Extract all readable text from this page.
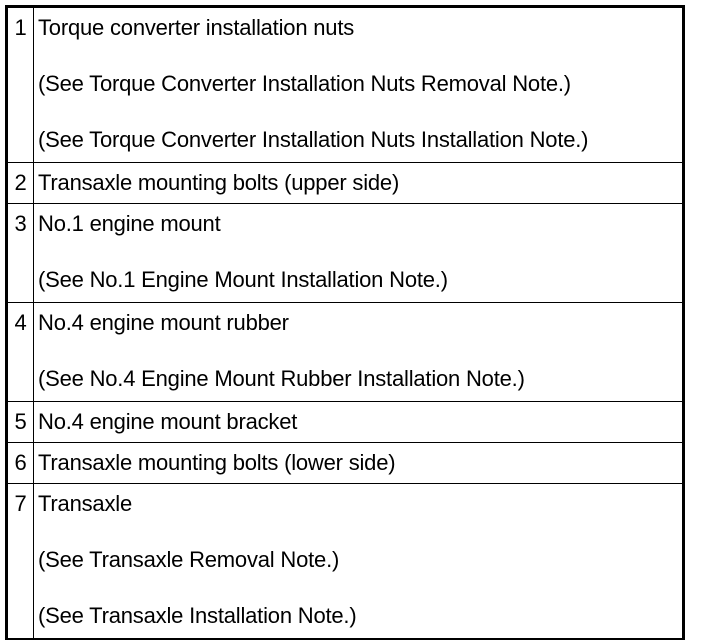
1	Torque converter installation nuts
(See Torque Converter Installation Nuts Removal Note.)
(See Torque Converter Installation Nuts Installation Note.)

2	Transaxle mounting bolts (upper side)

3	No.1 engine mount
(See No.1 Engine Mount Installation Note.)

4	No.4 engine mount rubber
(See No.4 Engine Mount Rubber Installation Note.)

5	No.4 engine mount bracket

6	Transaxle mounting bolts (lower side)

7	Transaxle
(See Transaxle Removal Note.)
(See Transaxle Installation Note.)
